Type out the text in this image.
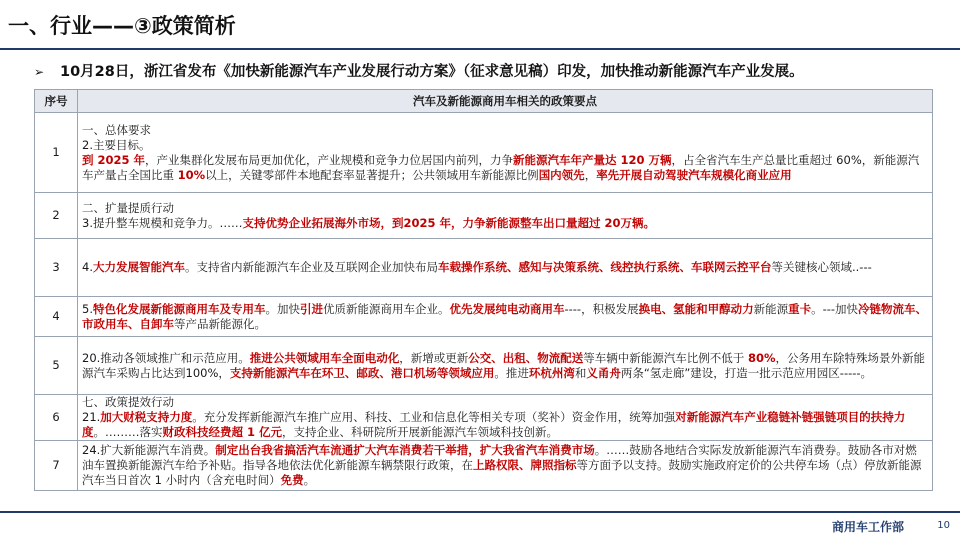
一、行业——③政策简析
➢ 10月28日，浙江省发布《加快新能源汽车产业发展行动方案》（征求意见稿）印发，加快推动新能源汽车产业发展。
序号	汽车及新能源商用车相关的政策要点
1	一、总体要求
2.主要目标。
到 2025 年，产业集群化发展布局更加优化，产业规模和竞争力位居国内前列，力争新能源汽车年产量达 120 万辆，占全省汽车生产总量比重超过 60%，新能源汽车产量占全国比重 10%以上，关键零部件本地配套率显著提升；公共领域用车新能源比例国内领先，率先开展自动驾驶汽车规模化商业应用

2	二、扩量提质行动
3.提升整车规模和竞争力。……支持优势企业拓展海外市场，到2025 年，力争新能源整车出口量超过 20万辆。

3	4.大力发展智能汽车。支持省内新能源汽车企业及互联网企业加快布局车载操作系统、感知与决策系统、线控执行系统、车联网云控平台等关键核心领域..---

4	5.特色化发展新能源商用车及专用车。加快引进优质新能源商用车企业。优先发展纯电动商用车----，积极发展换电、氢能和甲醇动力新能源重卡。---加快冷链物流车、市政用车、自卸车等产品新能源化。

5	20.推动各领域推广和示范应用。推进公共领域用车全面电动化，新增或更新公交、出租、物流配送等车辆中新能源汽车比例不低于 80%，公务用车除特殊场景外新能源汽车采购占比达到100%，支持新能源汽车在环卫、邮政、港口机场等领域应用。推进环杭州湾和义甬舟两条“氢走廊”建设，打造一批示范应用园区-----。

6	七、政策提效行动
21.加大财税支持力度。充分发挥新能源汽车推广应用、科技、工业和信息化等相关专项（奖补）资金作用，统筹加强对新能源汽车产业稳链补链强链项目的扶持力度。………落实财政科技经费超 1 亿元，支持企业、科研院所开展新能源汽车领域科技创新。

7	24.扩大新能源汽车消费。制定出台我省搞活汽车流通扩大汽车消费若干举措，扩大我省汽车消费市场。……鼓励各地结合实际发放新能源汽车消费券。鼓励各市对燃油车置换新能源汽车给予补贴。指导各地依法优化新能源车辆禁限行政策，在上路权限、牌照指标等方面予以支持。鼓励实施政府定价的公共停车场（点）停放新能源汽车当日首次 1 小时内（含充电时间）免费。
商用车工作部	10
